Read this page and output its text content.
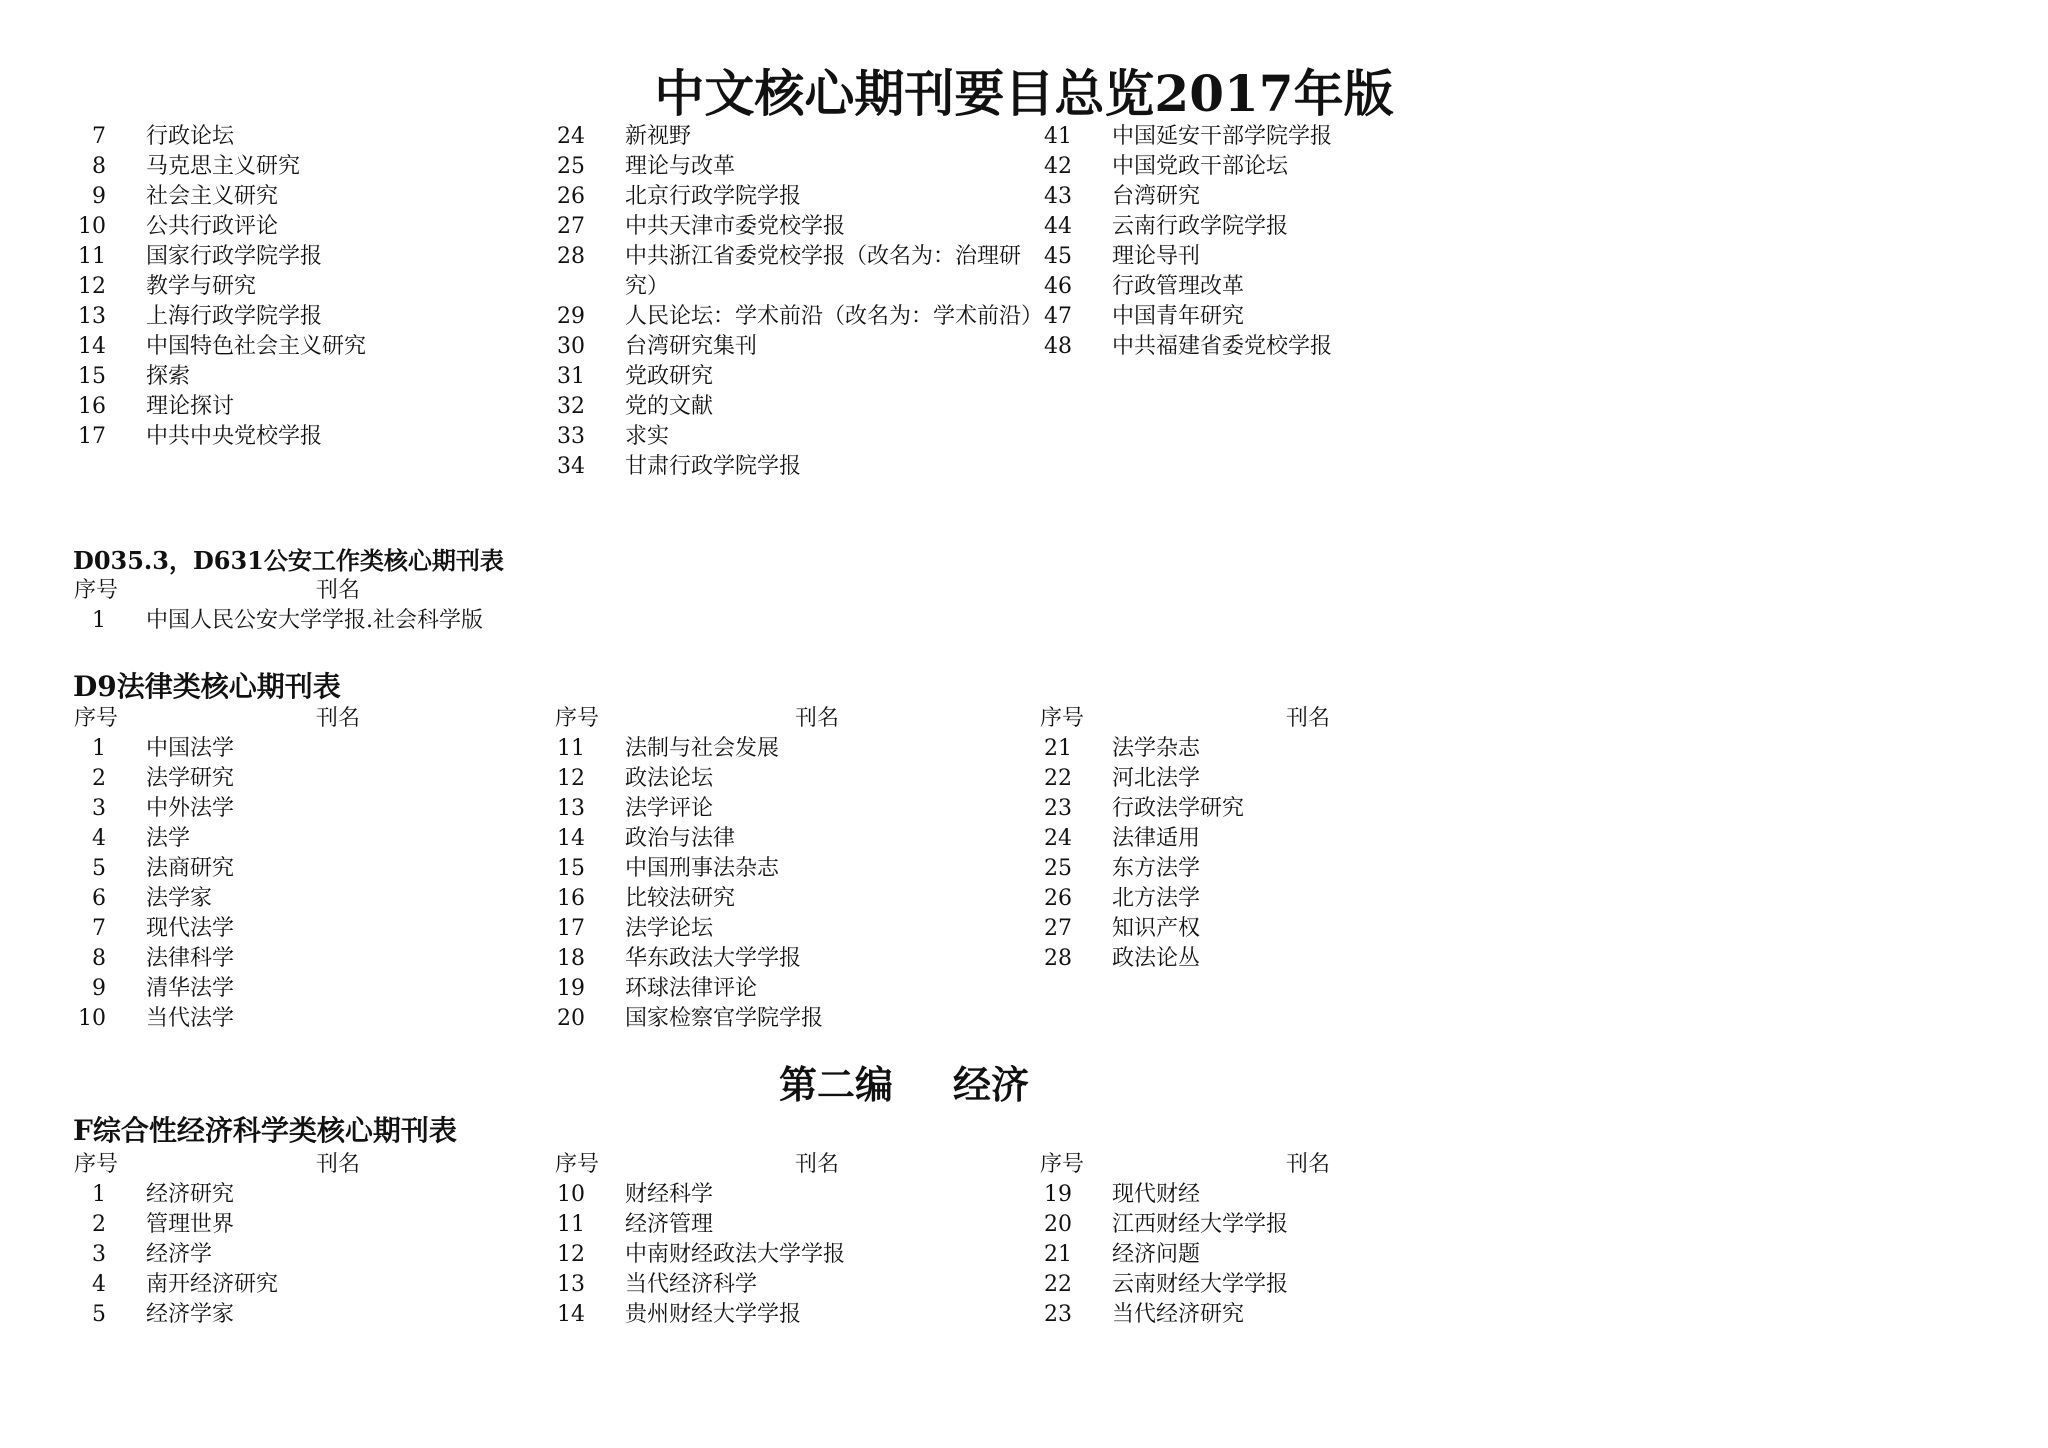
中文核心期刊要目总览2017年版
7 行政论坛
8 马克思主义研究
9 社会主义研究
10 公共行政评论
11 国家行政学院学报
12 教学与研究
13 上海行政学院学报
14 中国特色社会主义研究
15 探索
16 理论探讨
17 中共中央党校学报
24 新视野
25 理论与改革
26 北京行政学院学报
27 中共天津市委党校学报
28 中共浙江省委党校学报（改名为：治理研究）
29 人民论坛：学术前沿（改名为：学术前沿）
30 台湾研究集刊
31 党政研究
32 党的文献
33 求实
34 甘肃行政学院学报
41 中国延安干部学院学报
42 中国党政干部论坛
43 台湾研究
44 云南行政学院学报
45 理论导刊
46 行政管理改革
47 中国青年研究
48 中共福建省委党校学报
D035.3，D631公安工作类核心期刊表
序号	刊名
1 中国人民公安大学学报.社会科学版
D9法律类核心期刊表
序号	刊名
1 中国法学
2 法学研究
3 中外法学
4 法学
5 法商研究
6 法学家
7 现代法学
8 法律科学
9 清华法学
10 当代法学
序号	刊名
11 法制与社会发展
12 政法论坛
13 法学评论
14 政治与法律
15 中国刑事法杂志
16 比较法研究
17 法学论坛
18 华东政法大学学报
19 环球法律评论
20 国家检察官学院学报
序号	刊名
21 法学杂志
22 河北法学
23 行政法学研究
24 法律适用
25 东方法学
26 北方法学
27 知识产权
28 政法论丛
第二编 经济
F综合性经济科学类核心期刊表
序号	刊名
1 经济研究
2 管理世界
3 经济学
4 南开经济研究
5 经济学家
序号	刊名
10 财经科学
11 经济管理
12 中南财经政法大学学报
13 当代经济科学
14 贵州财经大学学报
序号	刊名
19 现代财经
20 江西财经大学学报
21 经济问题
22 云南财经大学学报
23 当代经济研究
